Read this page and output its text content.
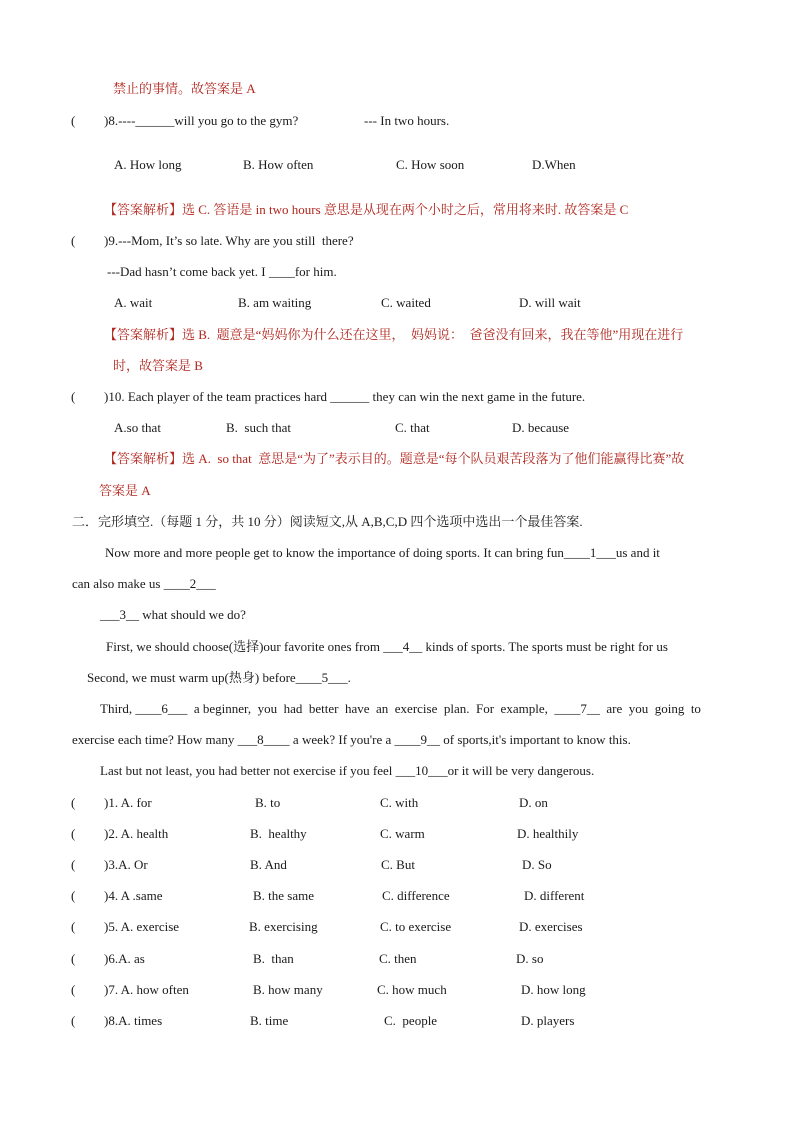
禁止的事情。故答案是 A
)8.----______will you go to the gym?	--- In two hours.
A. How long	B. How often	C. How soon	D.When
【答案解析】选 C. 答语是 in two hours 意思是从现在两个小时之后，常用将来时. 故答案是 C
)9.---Mom, It’s so late. Why are you still  there?
---Dad hasn’t come back yet. I ____for him.
A. wait	B. am waiting	C. waited	D. will wait
【答案解析】选 B.  题意是“妈妈你为什么还在这里，  妈妈说：  爸爸没有回来，我在等他”用现在进行
时，故答案是 B
)10. Each player of the team practices hard ______ they can win the next game in the future.
A.so that	B.  such that	C. that	D. because
【答案解析】选 A.  so that  意思是“为了”表示目的。题意是“每个队员艰苦段落为了他们能赢得比赛”故
答案是 A
二．完形填空.（每题 1 分，共 10 分）阅读短文,从 A,B,C,D 四个选项中选出一个最佳答案.
Now more and more people get to know the importance of doing sports. It can bring fun____1___us and it
can also make us ____2___
___3__ what should we do?
First, we should choose(选择)our favorite ones from ___4__ kinds of sports. The sports must be right for us
Second, we must warm up(热身) before____5___.
Third, ____6___  a beginner,  you  had  better  have  an  exercise  plan.  For  example,  ____7__  are  you  going  to
exercise each time? How many ___8____ a week? If you're a ____9__ of sports,it's important to know this.
Last but not least, you had better not exercise if you feel ___10___or it will be very dangerous.
)1. A. for	B. to	C. with	D. on
)2. A. health	B.  healthy	C. warm	D. healthily
)3.A. Or	B. And	C. But	D. So
)4. A .same	B. the same	C. difference	D. different
)5. A. exercise	B. exercising	C. to exercise	D. exercises
)6.A. as	B.  than	C. then	D. so
)7. A. how often	B. how many	C. how much	D. how long
)8.A. times	B. time	C.  people	D. players
(
(
(
(
(
(
(
(
(
(
(
